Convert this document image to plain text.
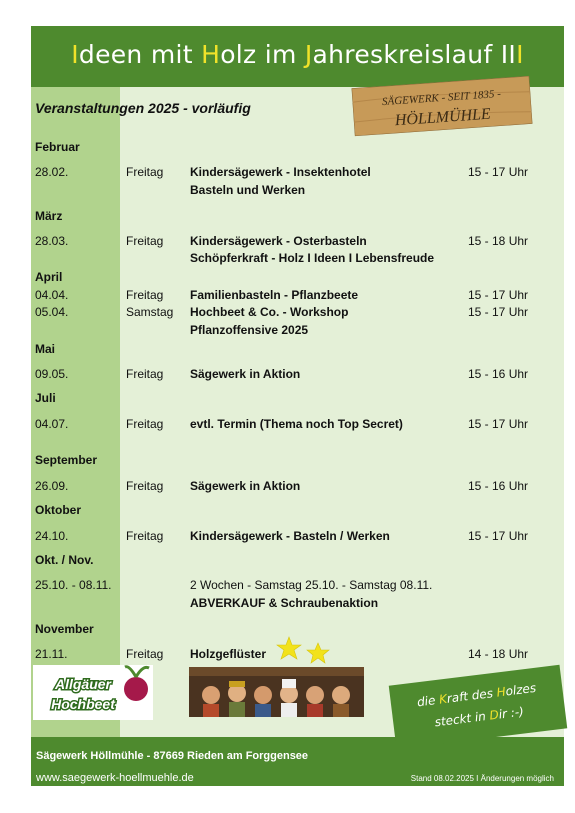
Ideen mit Holz im Jahreskreislauf III
Veranstaltungen 2025 - vorläufig	SÄGEWERK - SEIT 1835 -
HÖLLMÜHLE
Februar
28.02.	Freitag Kindersägewerk - Insektenhotel	15 - 17 Uhr
Basteln und Werken
März
28.03.	Freitag Kindersägewerk - Osterbasteln	15 - 18 Uhr
Schöpferkraft - Holz I Ideen I Lebensfreude
April
04.04.	Freitag Familienbasteln - Pflanzbeete	15 - 17 Uhr
05.04.	Samstag Hochbeet & Co. - Workshop	15 - 17 Uhr
Pflanzoffensive 2025
Mai
09.05.	Freitag Sägewerk in Aktion	15 - 16 Uhr
Juli
04.07.	Freitag evtl. Termin (Thema noch Top Secret)	15 - 17 Uhr
September
26.09.	Freitag Sägewerk in Aktion	15 - 16 Uhr
Oktober
24.10.	Freitag Kindersägewerk - Basteln / Werken	15 - 17 Uhr
Okt. / Nov.
25.10. - 08.11.	2 Wochen - Samstag 25.10. - Samstag 08.11.
ABVERKAUF & Schraubenaktion
November
21.11.	Freitag Holzgeflüster	14 - 18 Uhr
Allgäuer
Hochbeet
Sägewerk Höllmühle - 87669 Rieden am Forggensee
www.saegewerk-hoellmuehle.de	Stand 08.02.2025 I Änderungen möglich
die Kraft des Holzes
steckt in Dir :-)
